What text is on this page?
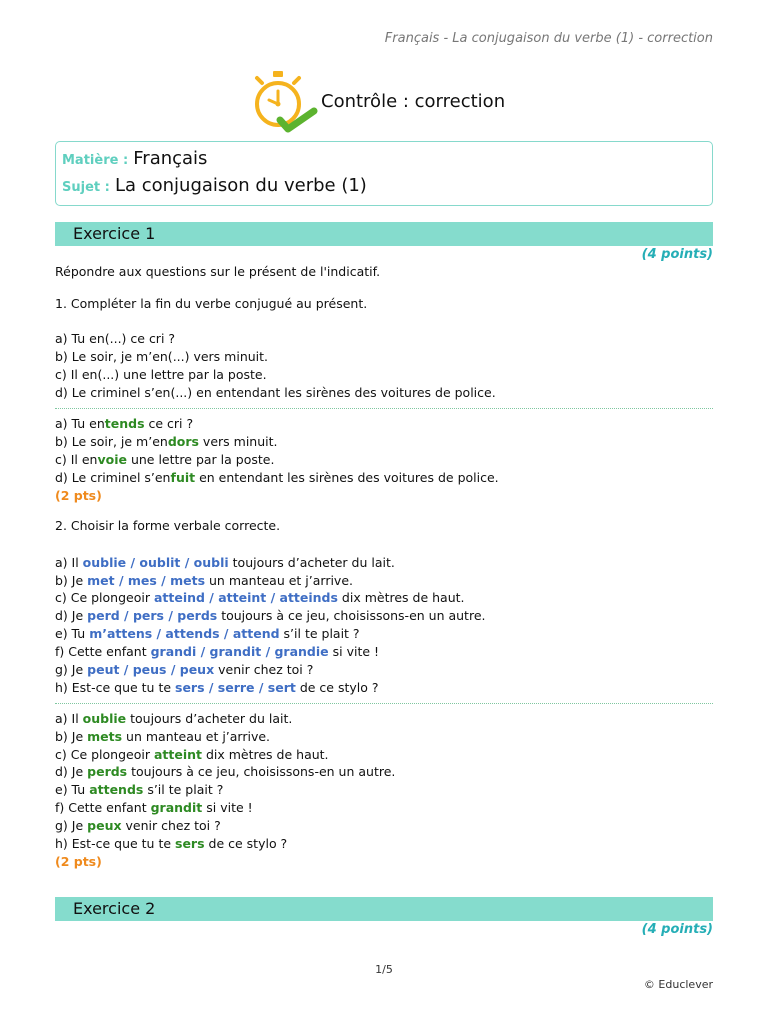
Français - La conjugaison du verbe (1) - correction
Contrôle : correction
Matière : Français
Sujet : La conjugaison du verbe (1)
Exercice 1
(4 points)
Répondre aux questions sur le présent de l'indicatif.
1. Compléter la fin du verbe conjugué au présent.
a) Tu en(...) ce cri ?
b) Le soir, je m’en(...) vers minuit.
c) Il en(...) une lettre par la poste.
d) Le criminel s’en(...) en entendant les sirènes des voitures de police.
a) Tu entends ce cri ?
b) Le soir, je m’endors vers minuit.
c) Il envoie une lettre par la poste.
d) Le criminel s’enfuit en entendant les sirènes des voitures de police.
(2 pts)
2. Choisir la forme verbale correcte.
a) Il oublie / oublit / oubli toujours d’acheter du lait.
b) Je met / mes / mets un manteau et j’arrive.
c) Ce plongeoir atteind / atteint / atteinds dix mètres de haut.
d) Je perd / pers / perds toujours à ce jeu, choisissons-en un autre.
e) Tu m’attens / attends / attend s’il te plait ?
f) Cette enfant grandi / grandit / grandie si vite !
g) Je peut / peus / peux venir chez toi ?
h) Est-ce que tu te sers / serre / sert de ce stylo ?
a) Il oublie toujours d’acheter du lait.
b) Je mets un manteau et j’arrive.
c) Ce plongeoir atteint dix mètres de haut.
d) Je perds toujours à ce jeu, choisissons-en un autre.
e) Tu attends s’il te plait ?
f) Cette enfant grandit si vite !
g) Je peux venir chez toi ?
h) Est-ce que tu te sers de ce stylo ?
(2 pts)
Exercice 2
(4 points)
1/5
© Educlever
